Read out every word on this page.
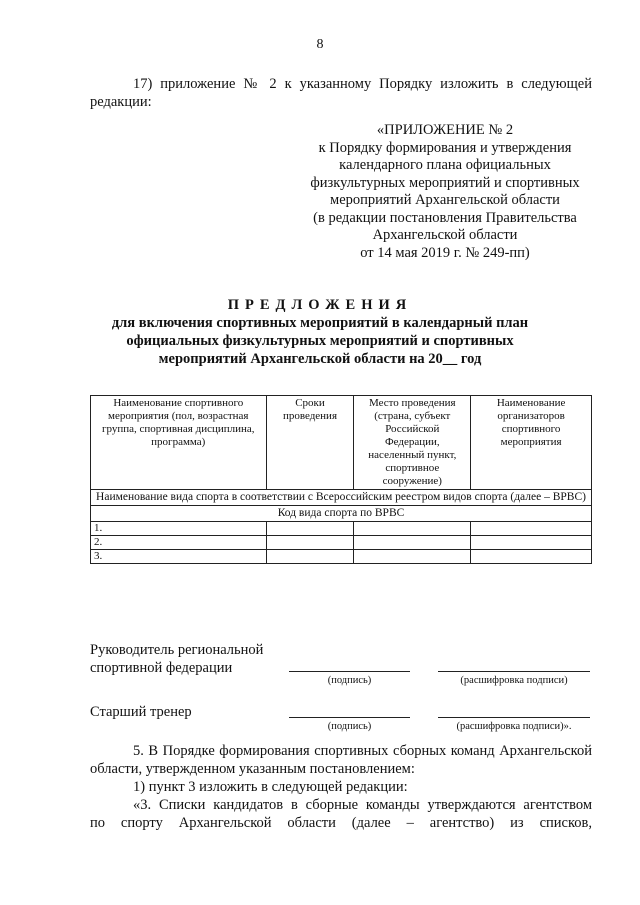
8
17) приложение № 2 к указанному Порядку изложить в следующей
редакции:
«ПРИЛОЖЕНИЕ № 2
к Порядку формирования и утверждения
календарного плана официальных
физкультурных мероприятий и спортивных
мероприятий Архангельской области
(в редакции постановления Правительства
Архангельской области
от 14 мая 2019 г. № 249-пп)
ПРЕДЛОЖЕНИЯ
для включения спортивных мероприятий в календарный план
официальных физкультурных мероприятий и спортивных
мероприятий Архангельской области на 20__ год
Наименование спортивного мероприятия (пол, возрастная группа, спортивная дисциплина, программа)	Сроки проведения	Место проведения (страна, субъект Российской Федерации, населенный пункт, спортивное сооружение)	Наименование организаторов спортивного мероприятия
Наименование вида спорта в соответствии с Всероссийским реестром видов спорта (далее – ВРВС)			
Код вида спорта по ВРВС			
1.			
2.			
3.			
Руководитель региональной
спортивной федерации
(подпись)	(расшифровка подписи)
Старший тренер
(подпись)	(расшифровка подписи)».
5. В Порядке формирования спортивных сборных команд Архангельской
области, утвержденном указанным постановлением:
1) пункт 3 изложить в следующей редакции:
«3. Списки кандидатов в сборные команды утверждаются агентством
по спорту Архангельской области (далее – агентство) из списков,
